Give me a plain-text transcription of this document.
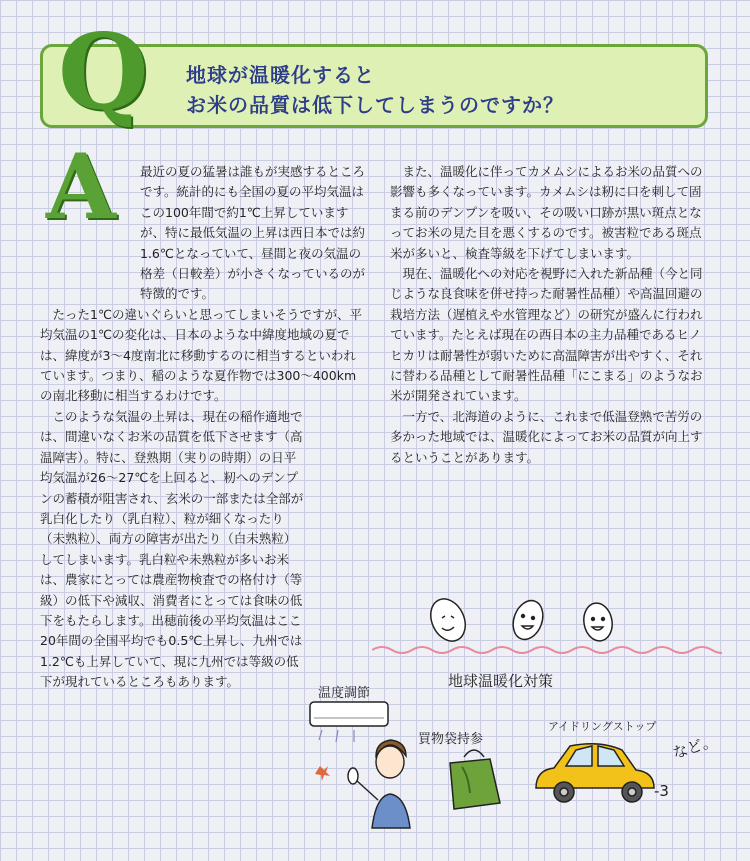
Q 地球が温暖化すると
お米の品質は低下してしまうのですか？
A	最近の夏の猛暑は誰もが実感するところです。統計的にも全国の夏の平均気温はこの100年間で約1℃上昇していますが、特に最低気温の上昇は西日本では約1.6℃となっていて、昼間と夜の気温の格差（日較差）が小さくなっているのが特徴的です。

たった1℃の違いぐらいと思ってしまいそうですが、平均気温の1℃の変化は、日本のような中緯度地域の夏では、緯度が3～4度南北に移動するのに相当するといわれています。つまり、稲のような夏作物では300～400kmの南北移動に相当するわけです。

このような気温の上昇は、現在の稲作適地では、間違いなくお米の品質を低下させます（高温障害）。特に、登熟期（実りの時期）の日平均気温が26～27℃を上回ると、籾へのデンプンの蓄積が阻害され、玄米の一部または全部が乳白化したり（乳白粒）、粒が細くなったり（未熟粒）、両方の障害が出たり（白未熟粒）してしまいます。乳白粒や未熟粒が多いお米は、農家にとっては農産物検査での格付け（等級）の低下や減収、消費者にとっては食味の低下をもたらします。出穂前後の平均気温はここ20年間の全国平均でも0.5℃上昇し、九州では1.2℃も上昇していて、現に九州では等級の低下が現れているところもあります。

また、温暖化に伴ってカメムシによるお米の品質への影響も多くなっています。カメムシは籾に口を刺して固まる前のデンプンを吸い、その吸い口跡が黒い斑点となってお米の見た目を悪くするのです。被害粒である斑点米が多いと、検査等級を下げてしまいます。

現在、温暖化への対応を視野に入れた新品種（今と同じような良食味を併せ持った耐暑性品種）や高温回避の栽培方法（遅植えや水管理など）の研究が盛んに行われています。たとえば現在の西日本の主力品種であるヒノヒカリは耐暑性が弱いために高温障害が出やすく、それに替わる品種として耐暑性品種「にこまる」のようなお米が開発されています。

一方で、北海道のように、これまで低温登熟で苦労の多かった地域では、温暖化によってお米の品質が向上するということがあります。

地球温暖化対策
温度調節
買物袋持参
アイドリングストップ
など。
-3
